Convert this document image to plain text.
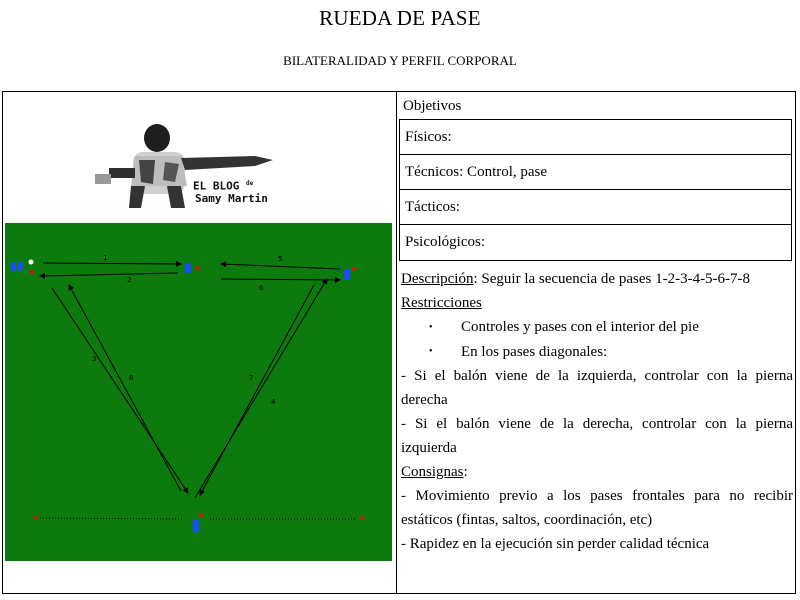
RUEDA DE PASE
BILATERALIDAD Y PERFIL CORPORAL
EL BLOG $^{de}$
Samy Martin
1
2
3
4
5
6
7
8
Objetivos
Físicos:
Técnicos: Control, pase
Tácticos:
Psicológicos:

Descripción: Seguir la secuencia de pases 1-2-3-4-5-6-7-8

Restricciones

• Controles y pases con el interior del pie

• En los pases diagonales:

- Si el balón viene de la izquierda, controlar con la pierna derecha

- Si el balón viene de la derecha, controlar con la pierna izquierda

Consignas:

- Movimiento previo a los pases frontales para no recibir estáticos (fintas, saltos, coordinación, etc)

- Rapidez en la ejecución sin perder calidad técnica
